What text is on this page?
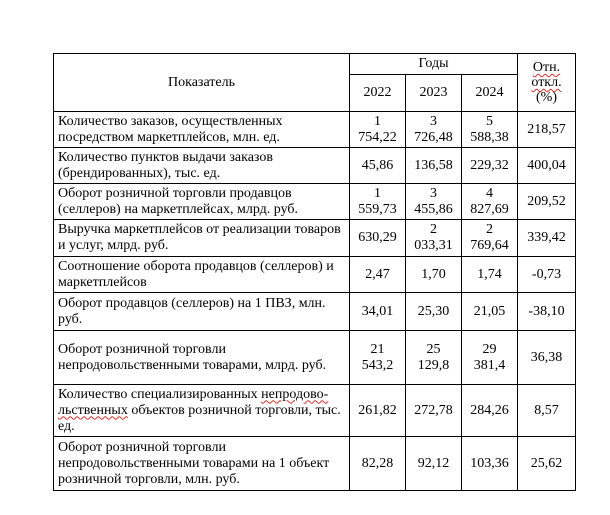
Показатель	Годы			Отн.
откл.
(%)
	2022	2023	2024	
Количество заказов, осуществленных посредством маркетплейсов, млн. ед.	1 754,22	3 726,48	5 588,38	218,57
Количество пунктов выдачи заказов (брендированных), тыс. ед.	45,86	136,58	229,32	400,04
Оборот розничной торговли продавцов (селлеров) на маркетплейсах, млрд. руб.	1 559,73	3 455,86	4 827,69	209,52
Выручка маркетплейсов от реализации товаров и услуг, млрд. руб.	630,29	2 033,31	2 769,64	339,42
Соотношение оборота продавцов (селлеров) и маркетплейсов	2,47	1,70	1,74	-0,73
Оборот продавцов (селлеров) на 1 ПВЗ, млн. руб.	34,01	25,30	21,05	-38,10
Оборот розничной торговли непродовольственными товарами, млрд. руб.	21 543,2	25 129,8	29 381,4	36,38
Количество специализированных непродово-льственных объектов розничной торговли, тыс. ед.	261,82	272,78	284,26	8,57
Оборот розничной торговли непродовольственными товарами на 1 объект розничной торговли, млн. руб.	82,28	92,12	103,36	25,62
